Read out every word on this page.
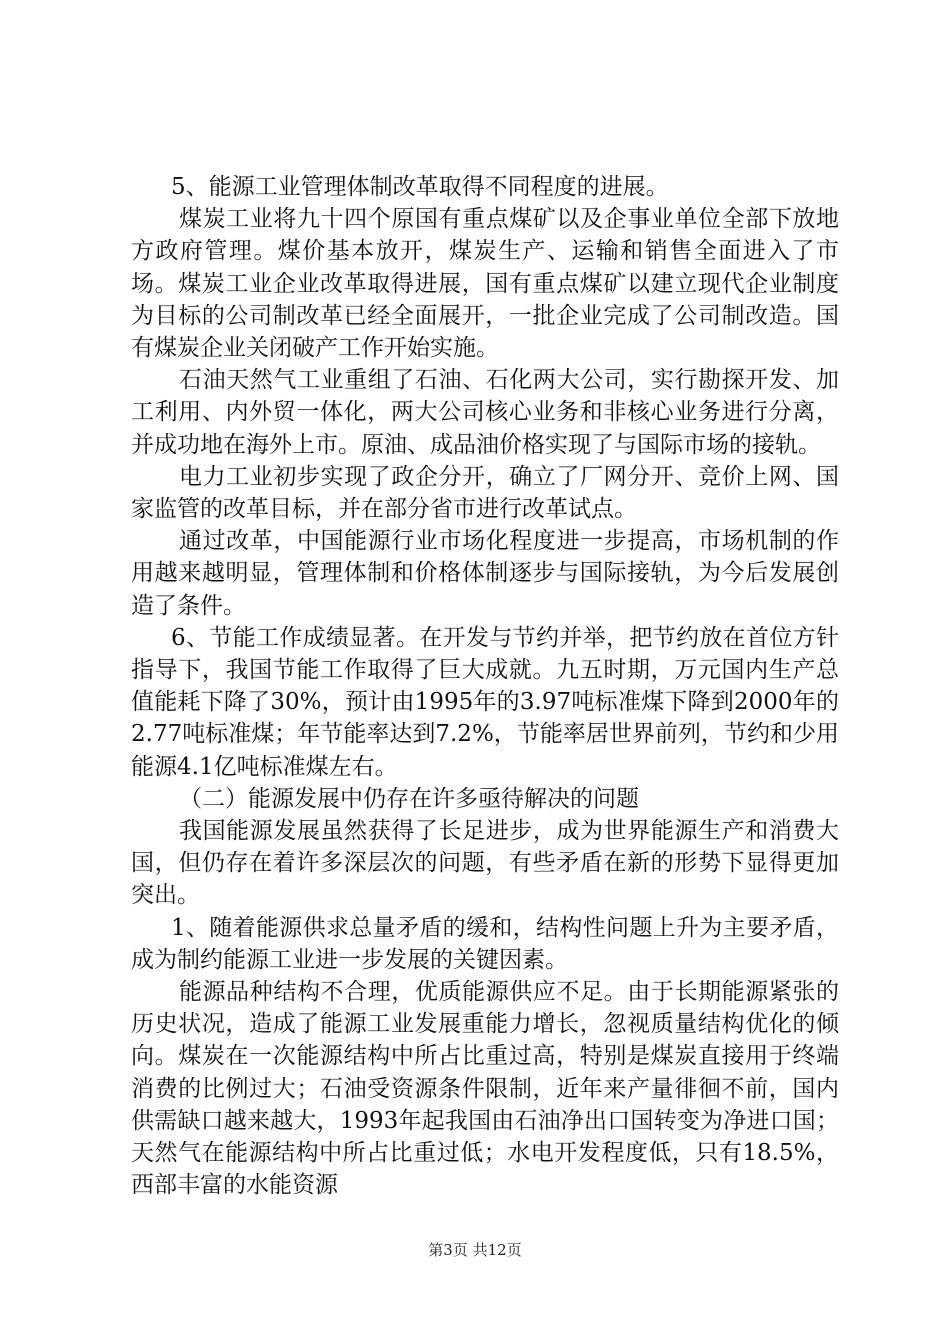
5、能源工业管理体制改革取得不同程度的进展。

煤炭工业将九十四个原国有重点煤矿以及企事业单位全部下放地方政府管理。煤价基本放开，煤炭生产、运输和销售全面进入了市场。煤炭工业企业改革取得进展，国有重点煤矿以建立现代企业制度为目标的公司制改革已经全面展开，一批企业完成了公司制改造。国有煤炭企业关闭破产工作开始实施。

石油天然气工业重组了石油、石化两大公司，实行勘探开发、加工利用、内外贸一体化，两大公司核心业务和非核心业务进行分离，并成功地在海外上市。原油、成品油价格实现了与国际市场的接轨。

电力工业初步实现了政企分开，确立了厂网分开、竞价上网、国家监管的改革目标，并在部分省市进行改革试点。

通过改革，中国能源行业市场化程度进一步提高，市场机制的作用越来越明显，管理体制和价格体制逐步与国际接轨，为今后发展创造了条件。

6、节能工作成绩显著。在开发与节约并举，把节约放在首位方针指导下，我国节能工作取得了巨大成就。九五时期，万元国内生产总值能耗下降了30%，预计由1995年的3.97吨标准煤下降到2000年的2.77吨标准煤；年节能率达到7.2%，节能率居世界前列，节约和少用能源4.1亿吨标准煤左右。

（二）能源发展中仍存在许多亟待解决的问题

我国能源发展虽然获得了长足进步，成为世界能源生产和消费大国，但仍存在着许多深层次的问题，有些矛盾在新的形势下显得更加突出。

1、随着能源供求总量矛盾的缓和，结构性问题上升为主要矛盾，成为制约能源工业进一步发展的关键因素。

能源品种结构不合理，优质能源供应不足。由于长期能源紧张的历史状况，造成了能源工业发展重能力增长，忽视质量结构优化的倾向。煤炭在一次能源结构中所占比重过高，特别是煤炭直接用于终端消费的比例过大；石油受资源条件限制，近年来产量徘徊不前，国内供需缺口越来越大，1993年起我国由石油净出口国转变为净进口国；天然气在能源结构中所占比重过低；水电开发程度低，只有18.5%，西部丰富的水能资源

第3页 共12页
